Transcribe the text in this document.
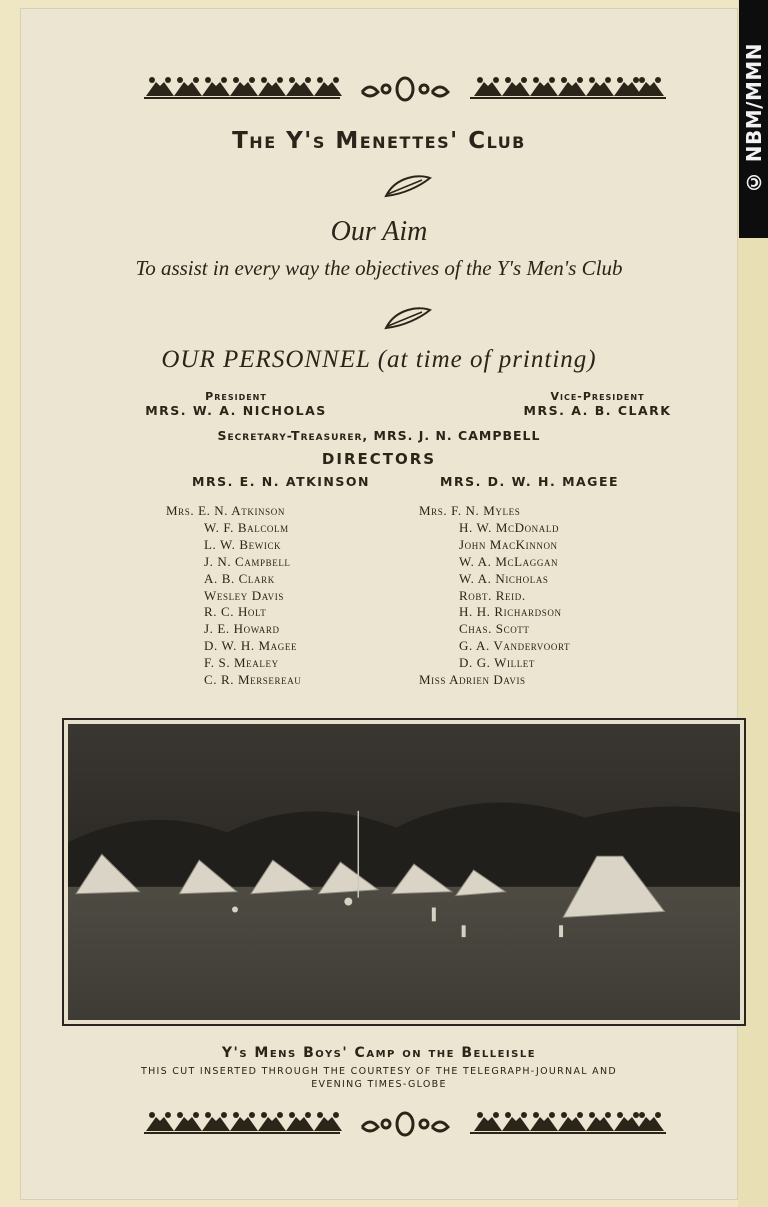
© NBM/MMN
The Y's Menettes' Club
Our Aim
To assist in every way the objectives of the Y's Men's Club
OUR PERSONNEL (at time of printing)
President
MRS. W. A. NICHOLAS
Vice-President
MRS. A. B. CLARK
Secretary-Treasurer, MRS. J. N. CAMPBELL
DIRECTORS
MRS. E. N. ATKINSON	MRS. D. W. H. MAGEE
Mrs. E. N. Atkinson
W. F. Balcolm
L. W. Bewick
J. N. Campbell
A. B. Clark
Wesley Davis
R. C. Holt
J. E. Howard
D. W. H. Magee
F. S. Mealey
C. R. Mersereau
Mrs. F. N. Myles
H. W. McDonald
John MacKinnon
W. A. McLaggan
W. A. Nicholas
Robt. Reid.
H. H. Richardson
Chas. Scott
G. A. Vandervoort
D. G. Willet
Miss Adrien Davis
Y's Mens Boys' Camp on the Belleisle
THIS CUT INSERTED THROUGH THE COURTESY OF THE TELEGRAPH-JOURNAL AND
EVENING TIMES-GLOBE
